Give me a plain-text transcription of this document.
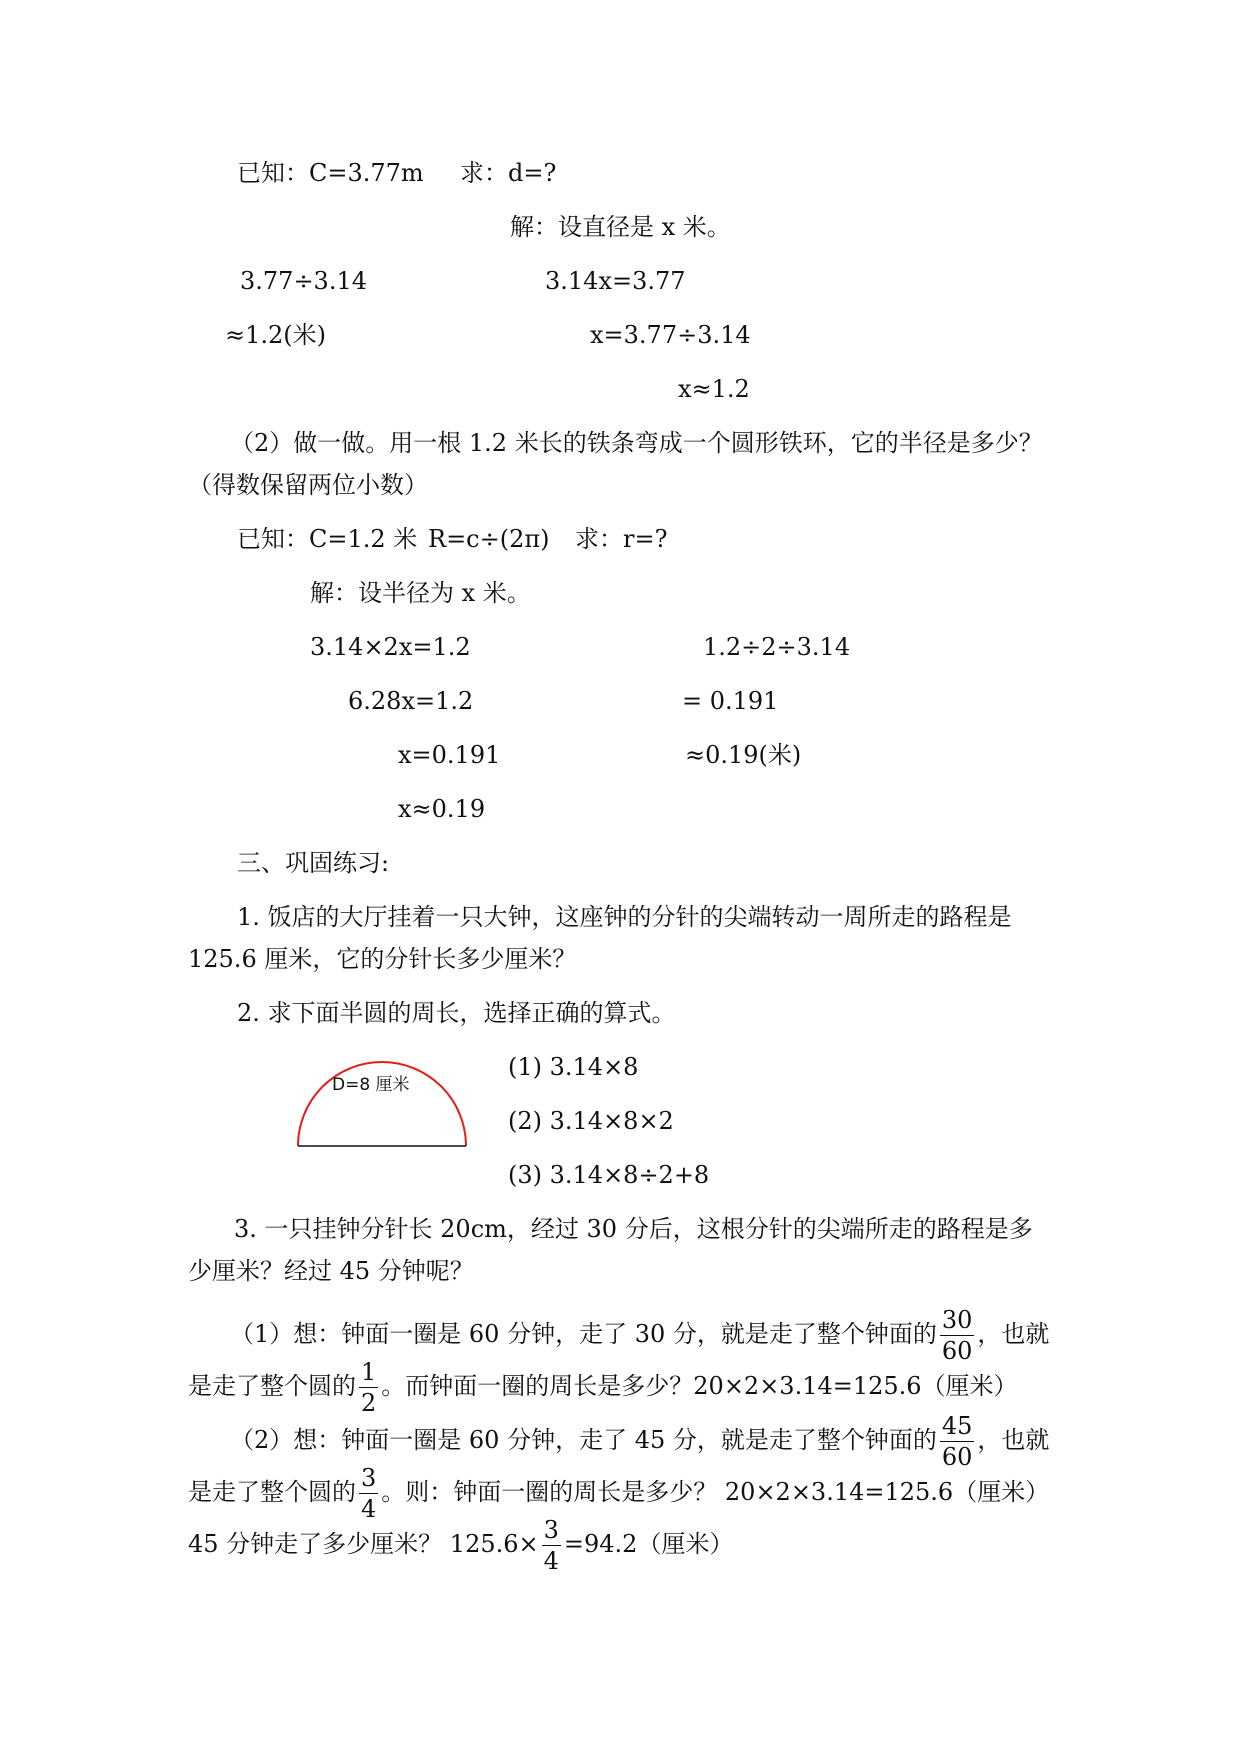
已知：C=3.77m 求：d=?
解：设直径是 x 米。
3.77÷3.14	3.14x=3.77
≈1.2(米)	x=3.77÷3.14
x≈1.2
（2）做一做。用一根 1.2 米长的铁条弯成一个圆形铁环，它的半径是多少？
（得数保留两位小数）
已知：C=1.2 米 R=c÷(2π) 求：r=?
解：设半径为 x 米。
3.14×2x=1.2	1.2÷2÷3.14
6.28x=1.2	= 0.191
x=0.191	≈0.19(米)
x≈0.19
三、巩固练习:
1. 饭店的大厅挂着一只大钟，这座钟的分针的尖端转动一周所走的路程是
125.6 厘米，它的分针长多少厘米？
2. 求下面半圆的周长，选择正确的算式。
D=8 厘米
(1) 3.14×8
(2) 3.14×8×2
(3) 3.14×8÷2+8
3. 一只挂钟分针长 20cm，经过 30 分后，这根分针的尖端所走的路程是多
少厘米？经过 45 分钟呢？
（1）想：钟面一圈是 60 分钟，走了 30 分，就是走了整个钟面的 $\frac{30}{60}$ ，也就
是走了整个圆的 $\frac{1}{2}$ 。而钟面一圈的周长是多少？20×2×3.14=125.6（厘米）
（2）想：钟面一圈是 60 分钟，走了 45 分，就是走了整个钟面的 $\frac{45}{60}$ ，也就
是走了整个圆的 $\frac{3}{4}$ 。则：钟面一圈的周长是多少？ 20×2×3.14=125.6（厘米）
45 分钟走了多少厘米？ $125.6\times \frac{3}{4} =94.2$（厘米）
